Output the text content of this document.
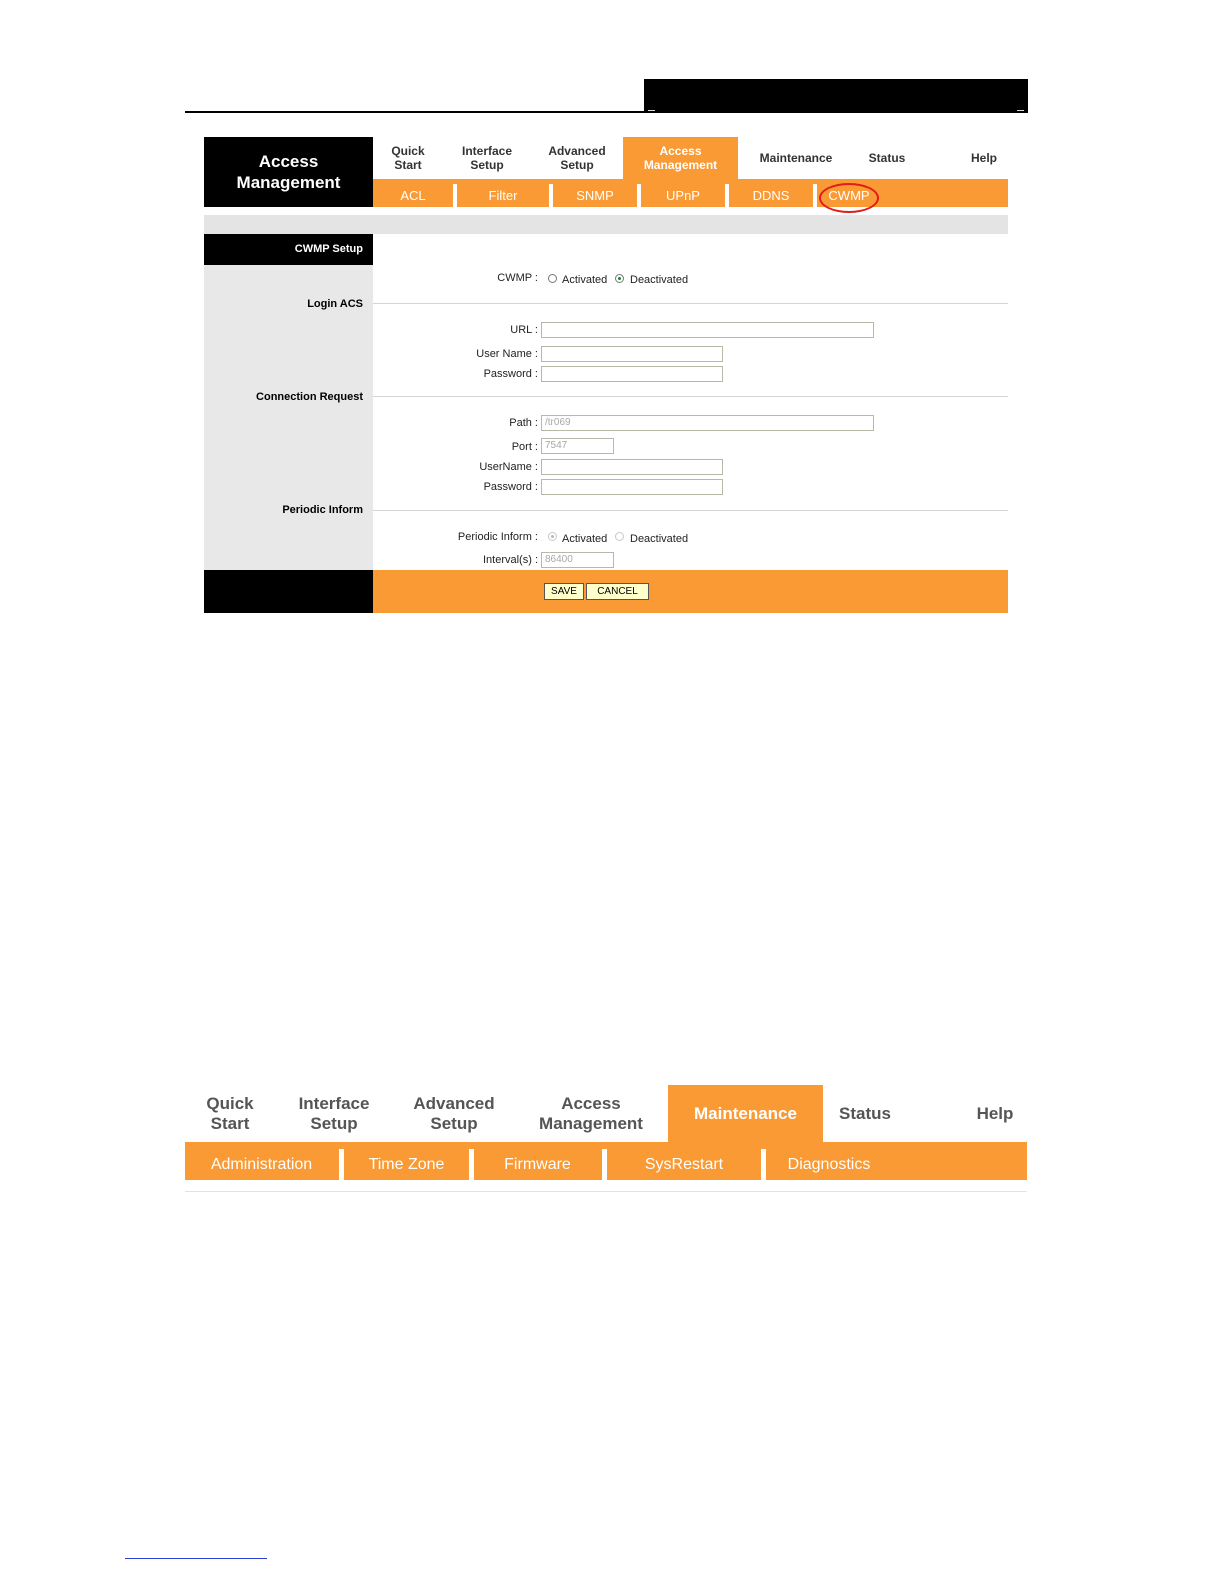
Access
Management
Quick
Start
Interface
Setup
Advanced
Setup
Access
Management	Maintenance	Status	Help
ACL	Filter	SNMP	UPnP	DDNS	CWMP
CWMP Setup
CWMP : Activated Deactivated
Login ACS
URL :
User Name :
Password :
Connection Request
Path : /tr069
Port : 7547
UserName :
Password :
Periodic Inform
Periodic Inform : Activated Deactivated
Interval(s) : 86400
SAVE	CANCEL
Quick
Start
Interface
Setup
Advanced
Setup
Access
Management
Maintenance Status	Help
Administration	Time Zone	Firmware	SysRestart	Diagnostics
